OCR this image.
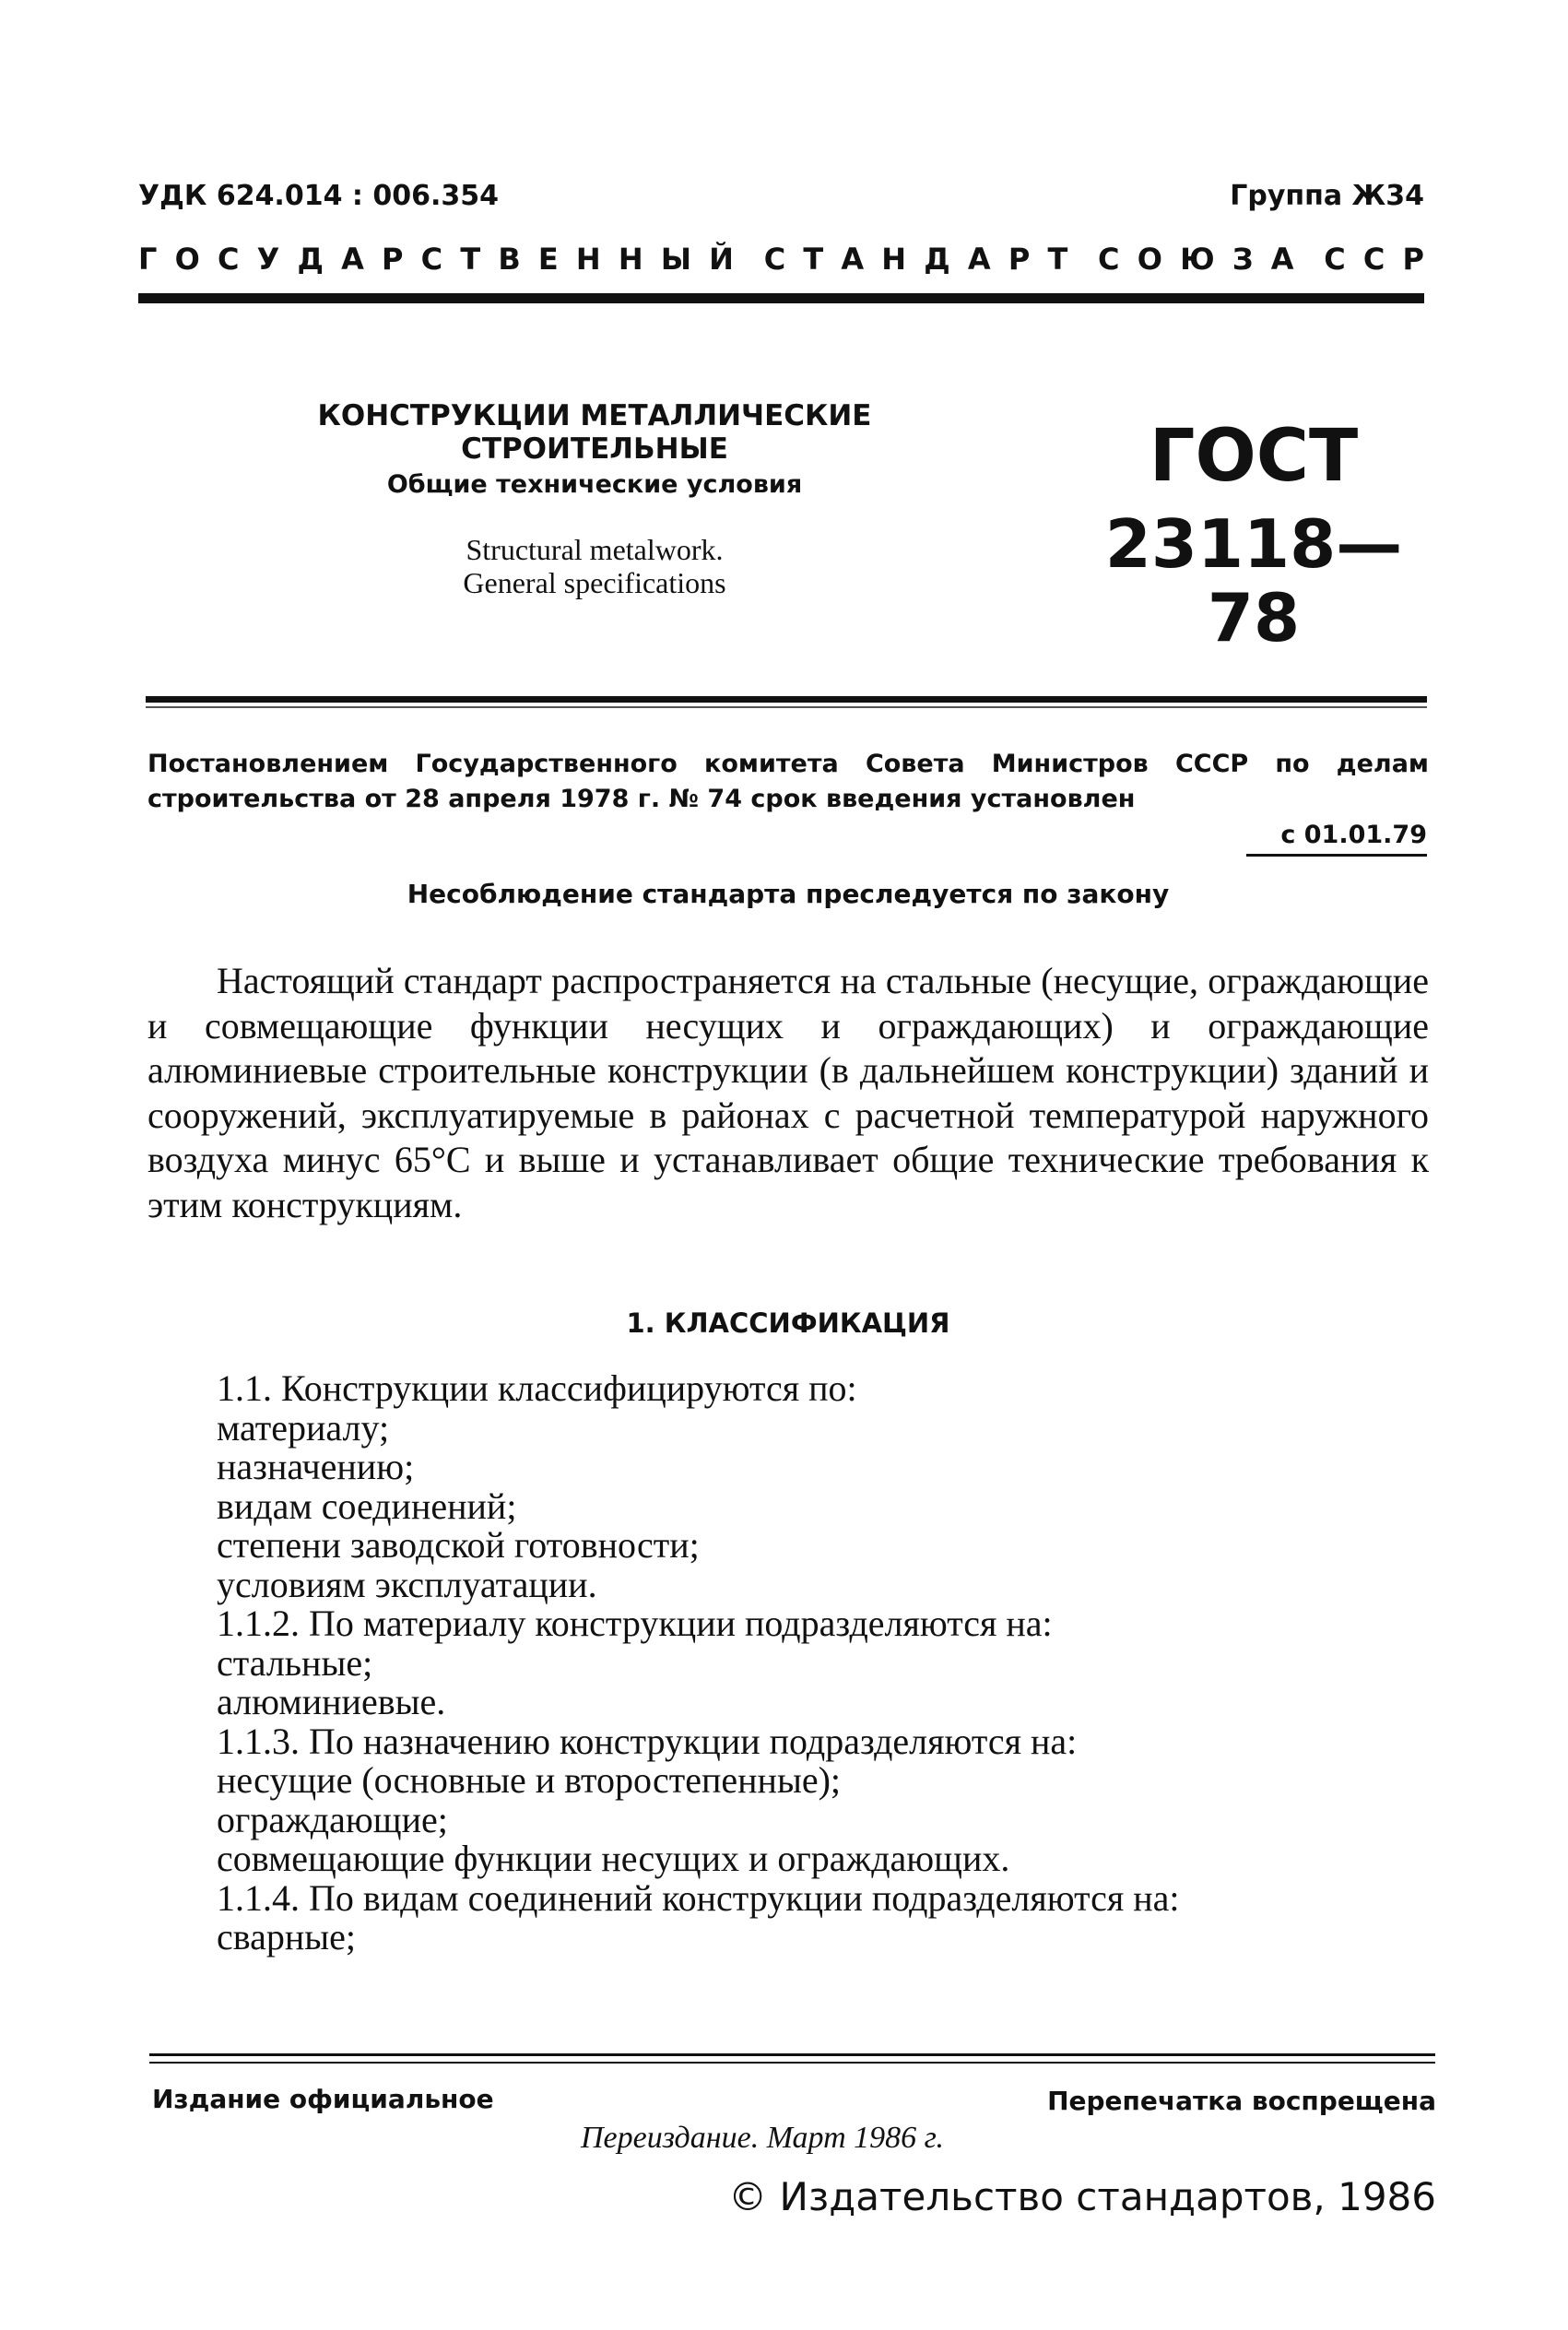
УДК 624.014 : 006.354	Группа Ж34
Г   О   С   У   Д   А   Р   С   Т   В   Е   Н   Н   Ы   Й С   Т   А   Н   Д   А   Р   Т С   О   Ю   З   А С   С   Р
КОНСТРУКЦИИ МЕТАЛЛИЧЕСКИЕ СТРОИТЕЛЬНЫЕ
Общие технические условия
Structural metalwork.
General specifications
ГОСТ
23118—78
Постановлением Государственного комитета Совета Министров СССР по делам
строительства от 28 апреля 1978 г. № 74 срок введения установлен
с 01.01.79
Несоблюдение стандарта преследуется по закону
Настоящий стандарт распространяется на стальные (несущие, ограждающие и совмещающие функции несущих и ограждающих) и ограждающие алюминиевые строительные конструкции (в дальнейшем конструкции) зданий и сооружений, эксплуатируемые в районах с расчетной температурой наружного воздуха минус 65°С и выше и устанавливает общие технические требования к этим конструкциям.
1. КЛАССИФИКАЦИЯ
1.1. Конструкции классифицируются по:
материалу;
назначению;
видам соединений;
степени заводской готовности;
условиям эксплуатации.
1.1.2. По материалу конструкции подразделяются на:
стальные;
алюминиевые.
1.1.3. По назначению конструкции подразделяются на:
несущие (основные и второстепенные);
ограждающие;
совмещающие функции несущих и ограждающих.
1.1.4. По видам соединений конструкции подразделяются на:
сварные;
Издание официальное	Перепечатка воспрещена
Переиздание. Март 1986 г.
© Издательство стандартов, 1986
